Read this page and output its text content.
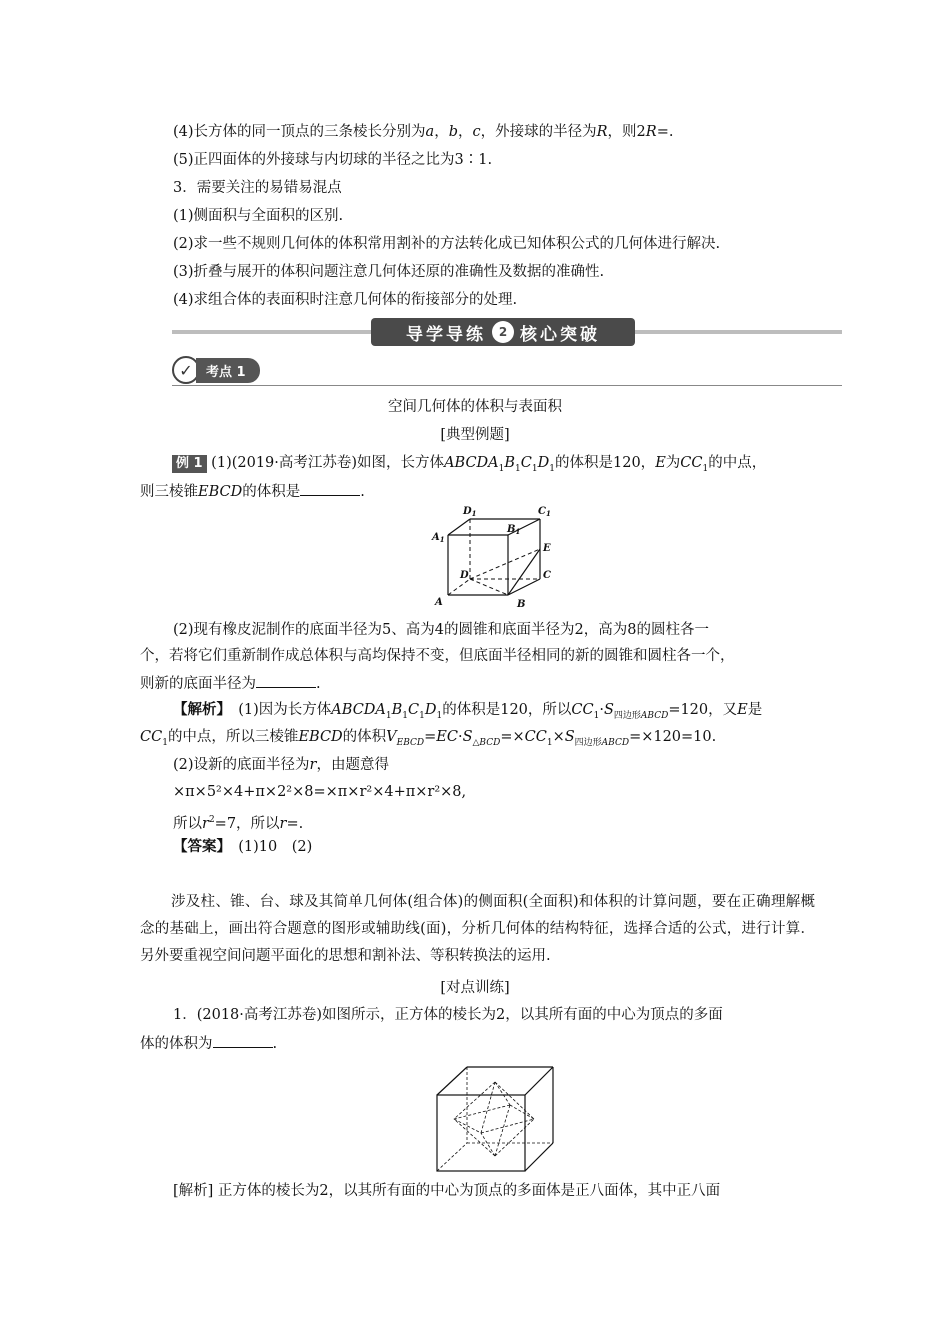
(4)长方体的同一顶点的三条棱长分别为a，b，c，外接球的半径为R，则2R=.
(5)正四面体的外接球与内切球的半径之比为3∶1.
3．需要关注的易错易混点
(1)侧面积与全面积的区别.
(2)求一些不规则几何体的体积常用割补的方法转化成已知体积公式的几何体进行解决.
(3)折叠与展开的体积问题注意几何体还原的准确性及数据的准确性.
(4)求组合体的表面积时注意几何体的衔接部分的处理.
导学导练	2 核心突破
✓	考点 1
空间几何体的体积与表面积
[典型例题]
例 1 (1)(2019·高考江苏卷)如图，长方体$ABCDA_1B_1C_1D_1$的体积是120，E为$CC_1$的中点，
则三棱锥EBCD的体积是	.
$D_1$	$C_1$
$A_1$
$B_1$
E
D	C
A	B
(2)现有橡皮泥制作的底面半径为5、高为4的圆锥和底面半径为2，高为8的圆柱各一
个，若将它们重新制作成总体积与高均保持不变，但底面半径相同的新的圆锥和圆柱各一个，
则新的底面半径为	.
【解析】　(1)因为长方体$ABCDA_1B_1C_1D_1$的体积是120，所以$CC_1\cdot S_{四边形ABCD}=120$，又E是
$CC_1$的中点，所以三棱锥EBCD的体积$V_{EBCD}=EC\cdot S_{\triangle BCD}=\times CC_1\times S_{四边形ABCD}=\times 120=10$.
(2)设新的底面半径为r，由题意得
×π×5²×4+π×2²×8=×π×r²×4+π×r²×8,
所以$r^2=7$，所以r=.
【答案】　(1)10　(2)
涉及柱、锥、台、球及其简单几何体(组合体)的侧面积(全面积)和体积的计算问题，要在正确理解概念的基础上，画出符合题意的图形或辅助线(面)，分析几何体的结构特征，选择合适的公式，进行计算．另外要重视空间问题平面化的思想和割补法、等积转换法的运用.
[对点训练]
1．(2018·高考江苏卷)如图所示，正方体的棱长为2，以其所有面的中心为顶点的多面
体的体积为	.
[解析] 正方体的棱长为2，以其所有面的中心为顶点的多面体是正八面体，其中正八面
